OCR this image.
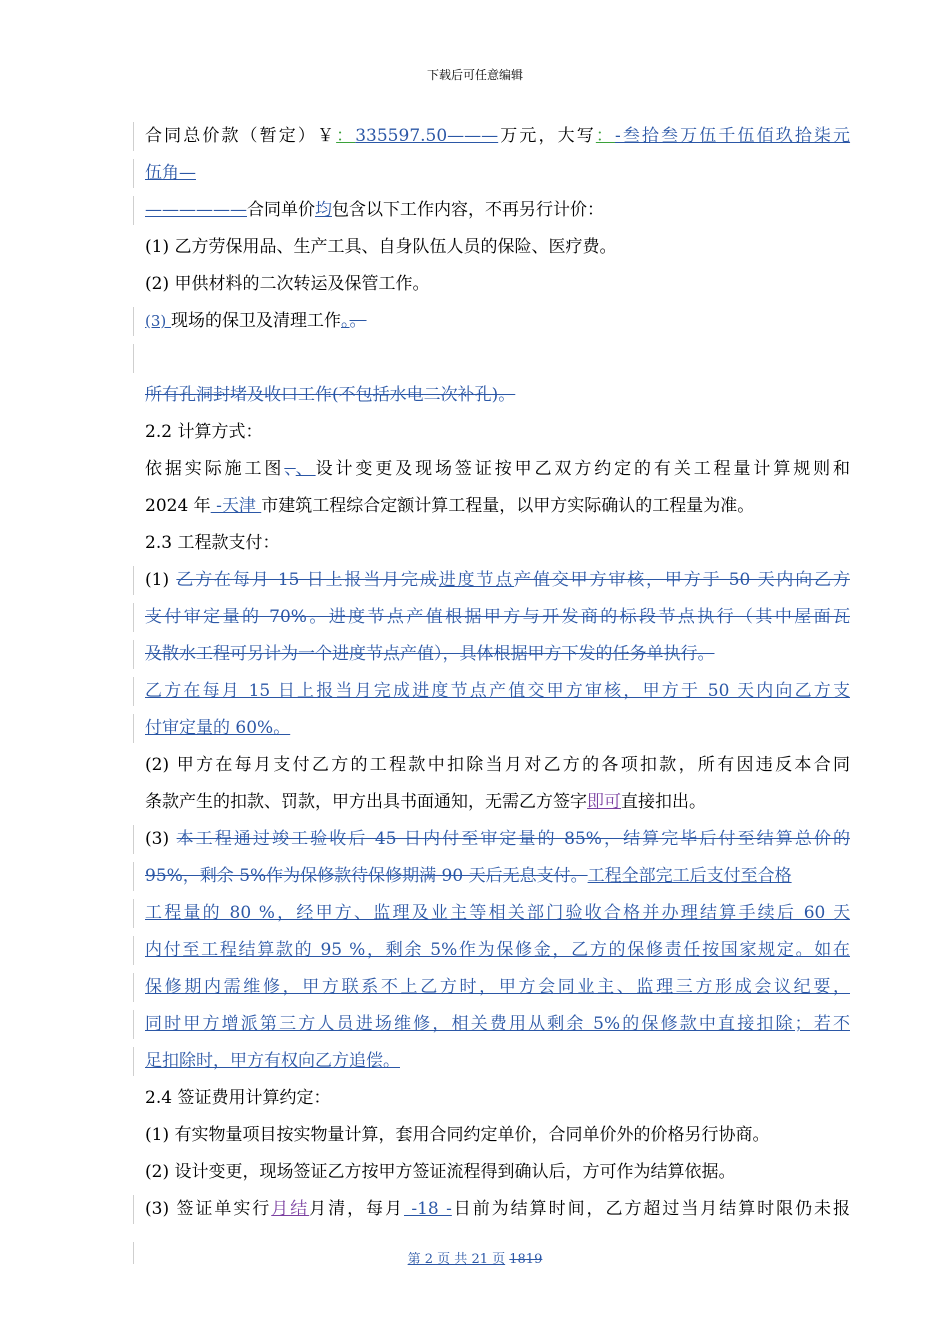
下载后可任意编辑
合同总价款（暂定）￥：335597.50———万元，大写：-叁拾叁万伍千伍佰玖拾柒元
伍角—
——————合同单价均包含以下工作内容，不再另行计价：
(1) 乙方劳保用品、生产工具、自身队伍人员的保险、医疗费。
(2) 甲供材料的二次转运及保管工作。
(3) 现场的保卫及清理工作。。
所有孔洞封堵及收口工作(不包括水电二次补孔)。
2.2 计算方式：
依据实际施工图、、设计变更及现场签证按甲乙双方约定的有关工程量计算规则和
2024 年 -天津 市建筑工程综合定额计算工程量，以甲方实际确认的工程量为准。
2.3 工程款支付：
(1) 乙方在每月 15 日上报当月完成进度节点产值交甲方审核，甲方于 50 天内向乙方
支付审定量的 70%。进度节点产值根据甲方与开发商的标段节点执行（其中屋面瓦
及散水工程可另计为一个进度节点产值），具体根据甲方下发的任务单执行。
乙方在每月 15 日上报当月完成进度节点产值交甲方审核，甲方于 50 天内向乙方支
付审定量的 60%。
(2) 甲方在每月支付乙方的工程款中扣除当月对乙方的各项扣款，所有因违反本合同
条款产生的扣款、罚款，甲方出具书面通知，无需乙方签字即可直接扣出。
(3) 本工程通过竣工验收后 45 日内付至审定量的 85%，结算完毕后付至结算总价的
95%，剩余 5%作为保修款待保修期满 90 天后无息支付。工程全部完工后支付至合格
工程量的 80 %，经甲方、监理及业主等相关部门验收合格并办理结算手续后 60 天
内付至工程结算款的 95 %，剩余 5%作为保修金，乙方的保修责任按国家规定。如在
保修期内需维修，甲方联系不上乙方时，甲方会同业主、监理三方形成会议纪要，
同时甲方增派第三方人员进场维修，相关费用从剩余 5%的保修款中直接扣除；若不
足扣除时，甲方有权向乙方追偿。
2.4 签证费用计算约定：
(1) 有实物量项目按实物量计算，套用合同约定单价，合同单价外的价格另行协商。
(2) 设计变更，现场签证乙方按甲方签证流程得到确认后，方可作为结算依据。
(3) 签证单实行月结月清，每月 -18 -日前为结算时间，乙方超过当月结算时限仍未报
第 2 页 共 21 页 1819
